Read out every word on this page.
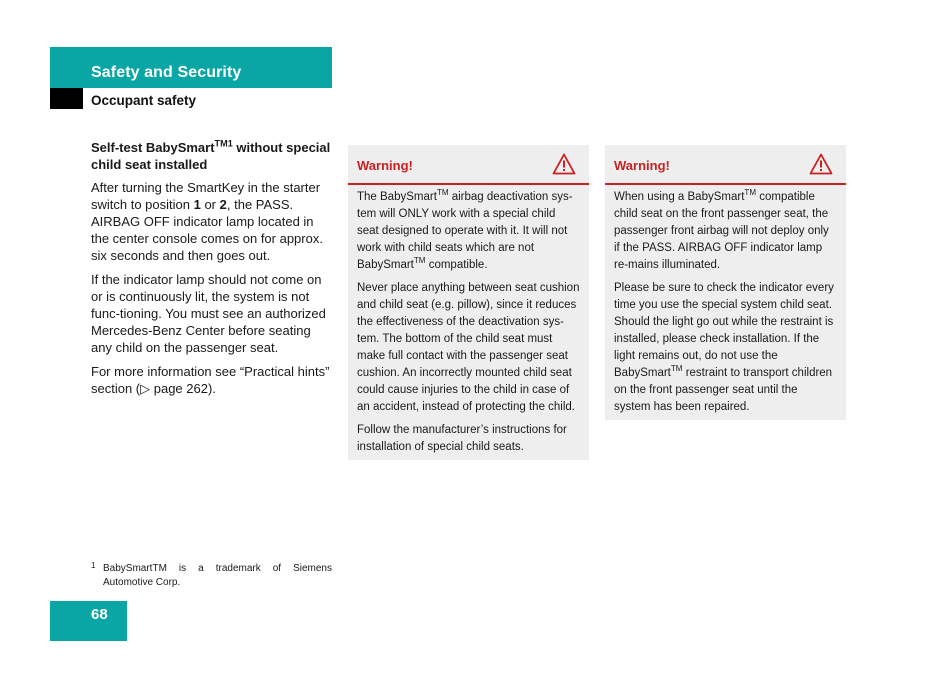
Safety and Security
Occupant safety
Self-test BabySmart$^{TM1}$ without special child seat installed

After turning the SmartKey in the starter switch to position 1 or 2, the PASS. AIRBAG OFF indicator lamp located in the center console comes on for approx. six seconds and then goes out.

If the indicator lamp should not come on or is continuously lit, the system is not func-tioning. You must see an authorized Mercedes-Benz Center before seating any child on the passenger seat.

For more information see “Practical hints” section (▷ page 262).

Warning!

The BabySmart™ airbag deactivation sys-tem will ONLY work with a special child seat designed to operate with it. It will not work with child seats which are not BabySmart™ compatible.

Never place anything between seat cushion and child seat (e.g. pillow), since it reduces the effectiveness of the deactivation sys-tem. The bottom of the child seat must make full contact with the passenger seat cushion. An incorrectly mounted child seat could cause injuries to the child in case of an accident, instead of protecting the child.

Follow the manufacturer’s instructions for installation of special child seats.

Warning!

When using a BabySmart™ compatible child seat on the front passenger seat, the passenger front airbag will not deploy only if the PASS. AIRBAG OFF indicator lamp re-mains illuminated.

Please be sure to check the indicator every time you use the special system child seat. Should the light go out while the restraint is installed, please check installation. If the light remains out, do not use the BabySmart™ restraint to transport children on the front passenger seat until the system has been repaired.

1 BabySmartTM is a trademark of Siemens Automotive Corp.
68
